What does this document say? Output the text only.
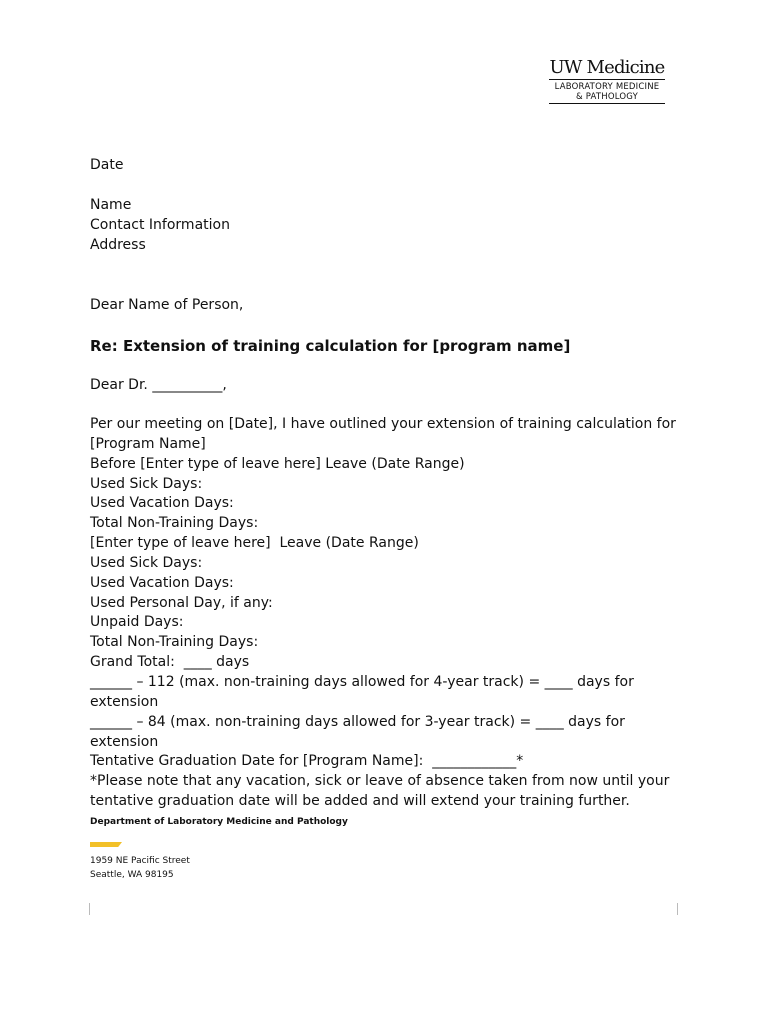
UW Medicine
LABORATORY MEDICINE
& PATHOLOGY
Date
Name
Contact Information
Address
Dear Name of Person,
Re: Extension of training calculation for [program name]
Dear Dr. __________,
Per our meeting on [Date], I have outlined your extension of training calculation for
[Program Name]
Before [Enter type of leave here] Leave (Date Range)
Used Sick Days:
Used Vacation Days:
Total Non-Training Days:
[Enter type of leave here]  Leave (Date Range)
Used Sick Days:
Used Vacation Days:
Used Personal Day, if any:
Unpaid Days:
Total Non-Training Days:
Grand Total:  ____ days
______ – 112 (max. non-training days allowed for 4-year track) = ____ days for
extension
______ – 84 (max. non-training days allowed for 3-year track) = ____ days for
extension
Tentative Graduation Date for [Program Name]:  ____________*
*Please note that any vacation, sick or leave of absence taken from now until your
tentative graduation date will be added and will extend your training further.
Department of Laboratory Medicine and Pathology
1959 NE Pacific Street
Seattle, WA 98195
